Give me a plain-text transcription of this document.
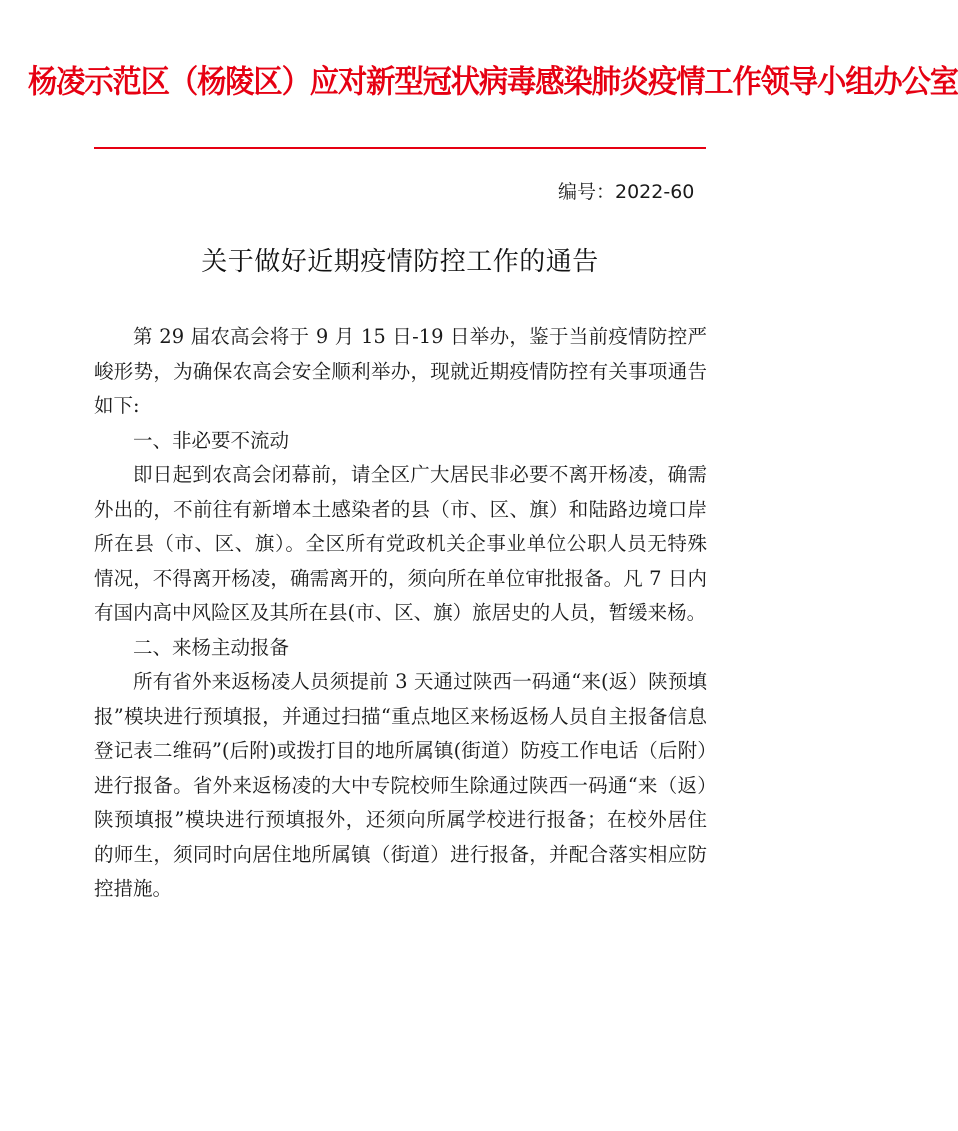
杨凌示范区（杨陵区）应对新型冠状病毒感染肺炎疫情工作领导小组办公室
编号：2022-60
关于做好近期疫情防控工作的通告

第 29 届农高会将于 9 月 15 日-19 日举办，鉴于当前疫情防控严峻形势，为确保农高会安全顺利举办，现就近期疫情防控有关事项通告如下:

一、非必要不流动

即日起到农高会闭幕前，请全区广大居民非必要不离开杨凌，确需外出的，不前往有新增本土感染者的县（市、区、旗）和陆路边境口岸所在县（市、区、旗）。全区所有党政机关企事业单位公职人员无特殊情况，不得离开杨凌，确需离开的，须向所在单位审批报备。凡 7 日内有国内高中风险区及其所在县(市、区、旗）旅居史的人员，暂缓来杨。

二、来杨主动报备

所有省外来返杨凌人员须提前 3 天通过陕西一码通“来(返）陕预填报”模块进行预填报，并通过扫描“重点地区来杨返杨人员自主报备信息登记表二维码”(后附)或拨打目的地所属镇(街道）防疫工作电话（后附）进行报备。省外来返杨凌的大中专院校师生除通过陕西一码通“来（返）陕预填报”模块进行预填报外，还须向所属学校进行报备；在校外居住的师生，须同时向居住地所属镇（街道）进行报备，并配合落实相应防控措施。
